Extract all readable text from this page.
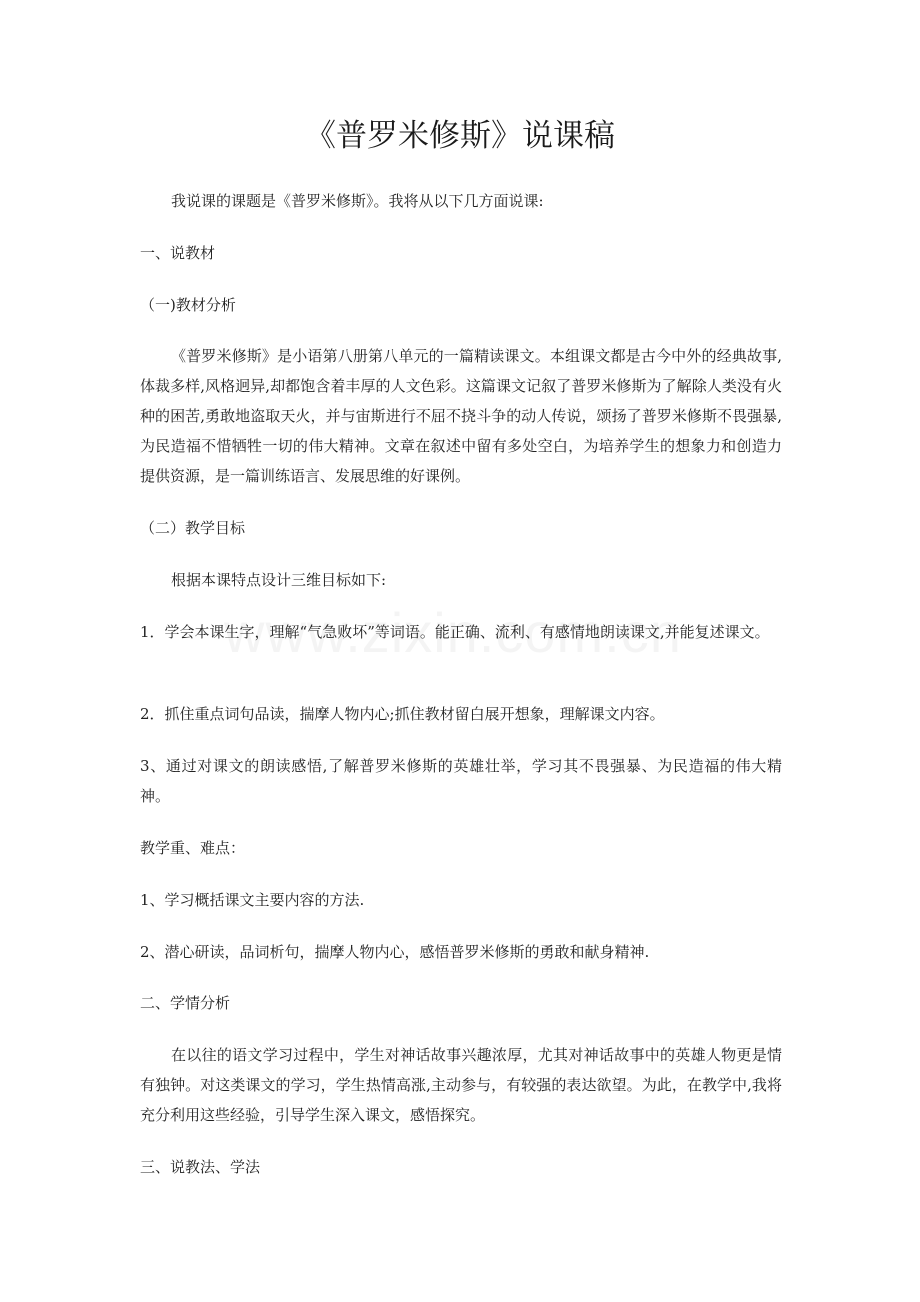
《普罗米修斯》说课稿
我说课的课题是《普罗米修斯》。我将从以下几方面说课:
一、说教材
（一)教材分析
《普罗米修斯》是小语第八册第八单元的一篇精读课文。本组课文都是古今中外的经典故事,体裁多样,风格迥异,却都饱含着丰厚的人文色彩。这篇课文记叙了普罗米修斯为了解除人类没有火种的困苦,勇敢地盗取天火，并与宙斯进行不屈不挠斗争的动人传说，颂扬了普罗米修斯不畏强暴,为民造福不惜牺牲一切的伟大精神。文章在叙述中留有多处空白，为培养学生的想象力和创造力提供资源，是一篇训练语言、发展思维的好课例。
（二）教学目标
根据本课特点设计三维目标如下:
1．学会本课生字，理解“气急败坏”等词语。能正确、流利、有感情地朗读课文,并能复述课文。
2．抓住重点词句品读，揣摩人物内心;抓住教材留白展开想象，理解课文内容。
3、通过对课文的朗读感悟,了解普罗米修斯的英雄壮举，学习其不畏强暴、为民造福的伟大精神。
教学重、难点：
1、学习概括课文主要内容的方法.
2、潜心研读，品词析句，揣摩人物内心，感悟普罗米修斯的勇敢和献身精神.
二、学情分析
在以往的语文学习过程中，学生对神话故事兴趣浓厚，尤其对神话故事中的英雄人物更是情有独钟。对这类课文的学习，学生热情高涨,主动参与，有较强的表达欲望。为此，在教学中,我将充分利用这些经验，引导学生深入课文，感悟探究。
三、说教法、学法
